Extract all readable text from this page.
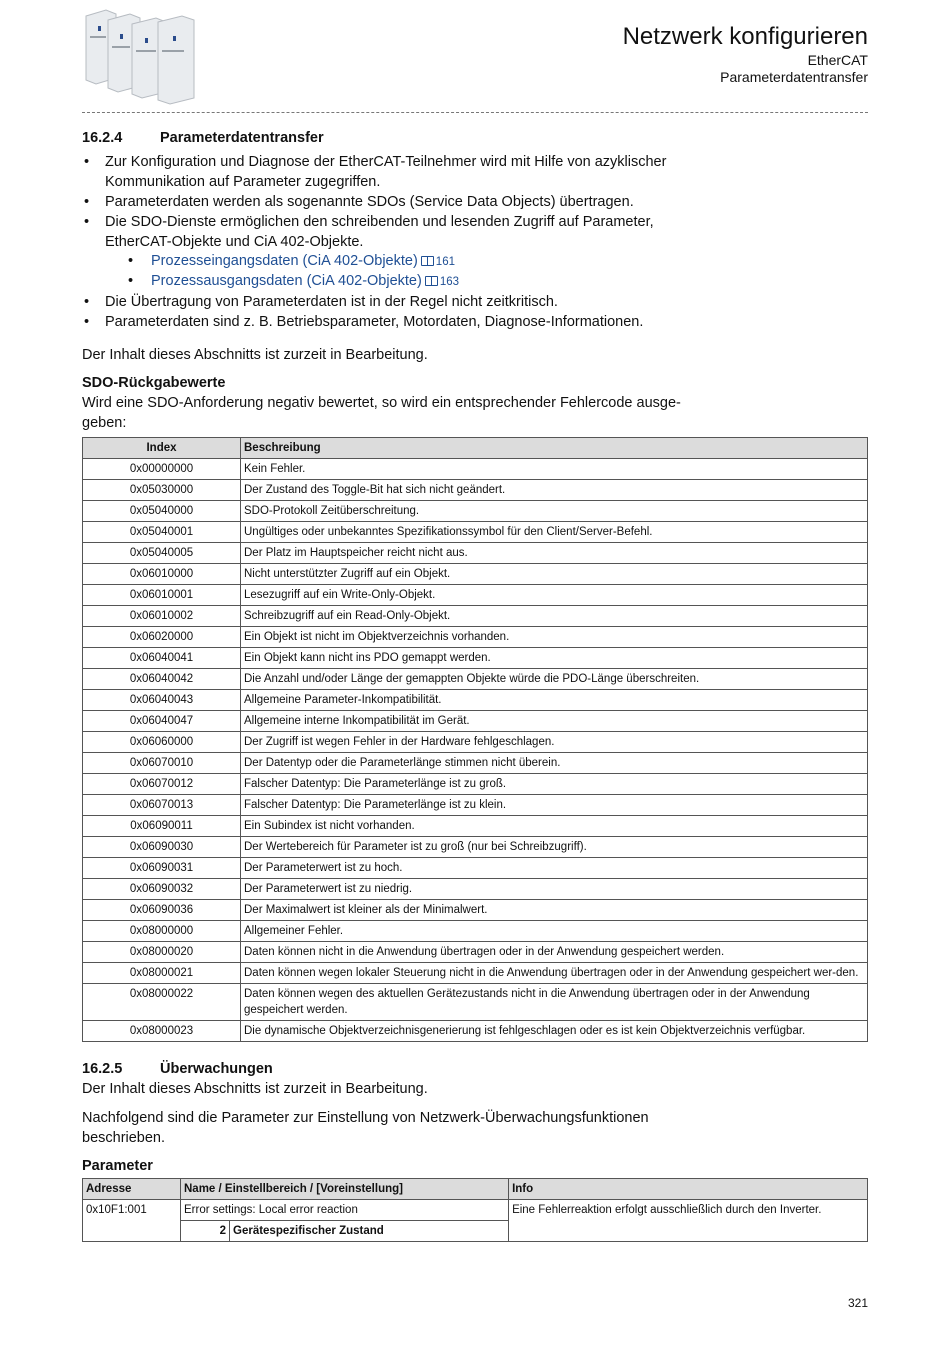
Netzwerk konfigurieren
EtherCAT
Parameterdatentransfer
16.2.4	Parameterdatentransfer
• Zur Konfiguration und Diagnose der EtherCAT-Teilnehmer wird mit Hilfe von azyklischer Kommunikation auf Parameter zugegriffen.
• Parameterdaten werden als sogenannte SDOs (Service Data Objects) übertragen.
• Die SDO-Dienste ermöglichen den schreibenden und lesenden Zugriff auf Parameter, EtherCAT-Objekte und CiA 402-Objekte.
• Prozesseingangsdaten (CiA 402-Objekte) 161
• Prozessausgangsdaten (CiA 402-Objekte) 163
• Die Übertragung von Parameterdaten ist in der Regel nicht zeitkritisch.
• Parameterdaten sind z. B. Betriebsparameter, Motordaten, Diagnose-Informationen.

Der Inhalt dieses Abschnitts ist zurzeit in Bearbeitung.

SDO-Rückgabewerte

Wird eine SDO-Anforderung negativ bewertet, so wird ein entsprechender Fehlercode ausge-geben:

Index	Beschreibung
0x00000000	Kein Fehler.
0x05030000	Der Zustand des Toggle-Bit hat sich nicht geändert.
0x05040000	SDO-Protokoll Zeitüberschreitung.
0x05040001	Ungültiges oder unbekanntes Spezifikationssymbol für den Client/Server-Befehl.
0x05040005	Der Platz im Hauptspeicher reicht nicht aus.
0x06010000	Nicht unterstützter Zugriff auf ein Objekt.
0x06010001	Lesezugriff auf ein Write-Only-Objekt.
0x06010002	Schreibzugriff auf ein Read-Only-Objekt.
0x06020000	Ein Objekt ist nicht im Objektverzeichnis vorhanden.
0x06040041	Ein Objekt kann nicht ins PDO gemappt werden.
0x06040042	Die Anzahl und/oder Länge der gemappten Objekte würde die PDO-Länge überschreiten.
0x06040043	Allgemeine Parameter-Inkompatibilität.
0x06040047	Allgemeine interne Inkompatibilität im Gerät.
0x06060000	Der Zugriff ist wegen Fehler in der Hardware fehlgeschlagen.
0x06070010	Der Datentyp oder die Parameterlänge stimmen nicht überein.
0x06070012	Falscher Datentyp: Die Parameterlänge ist zu groß.
0x06070013	Falscher Datentyp: Die Parameterlänge ist zu klein.
0x06090011	Ein Subindex ist nicht vorhanden.
0x06090030	Der Wertebereich für Parameter ist zu groß (nur bei Schreibzugriff).
0x06090031	Der Parameterwert ist zu hoch.
0x06090032	Der Parameterwert ist zu niedrig.
0x06090036	Der Maximalwert ist kleiner als der Minimalwert.
0x08000000	Allgemeiner Fehler.
0x08000020	Daten können nicht in die Anwendung übertragen oder in der Anwendung gespeichert werden.
0x08000021	Daten können wegen lokaler Steuerung nicht in die Anwendung übertragen oder in der Anwendung gespeichert wer-den.
0x08000022	Daten können wegen des aktuellen Gerätezustands nicht in die Anwendung übertragen oder in der Anwendung gespeichert werden.
0x08000023	Die dynamische Objektverzeichnisgenerierung ist fehlgeschlagen oder es ist kein Objektverzeichnis verfügbar.
16.2.5	Überwachungen

Der Inhalt dieses Abschnitts ist zurzeit in Bearbeitung.

Nachfolgend sind die Parameter zur Einstellung von Netzwerk-Überwachungsfunktionen beschrieben.

Parameter
Adresse	Name / Einstellbereich / [Voreinstellung]		Info
0x10F1:001	Error settings: Local error reaction		Eine Fehlerreaktion erfolgt ausschließlich durch den Inverter.
	2	Gerätespezifischer Zustand	
321
